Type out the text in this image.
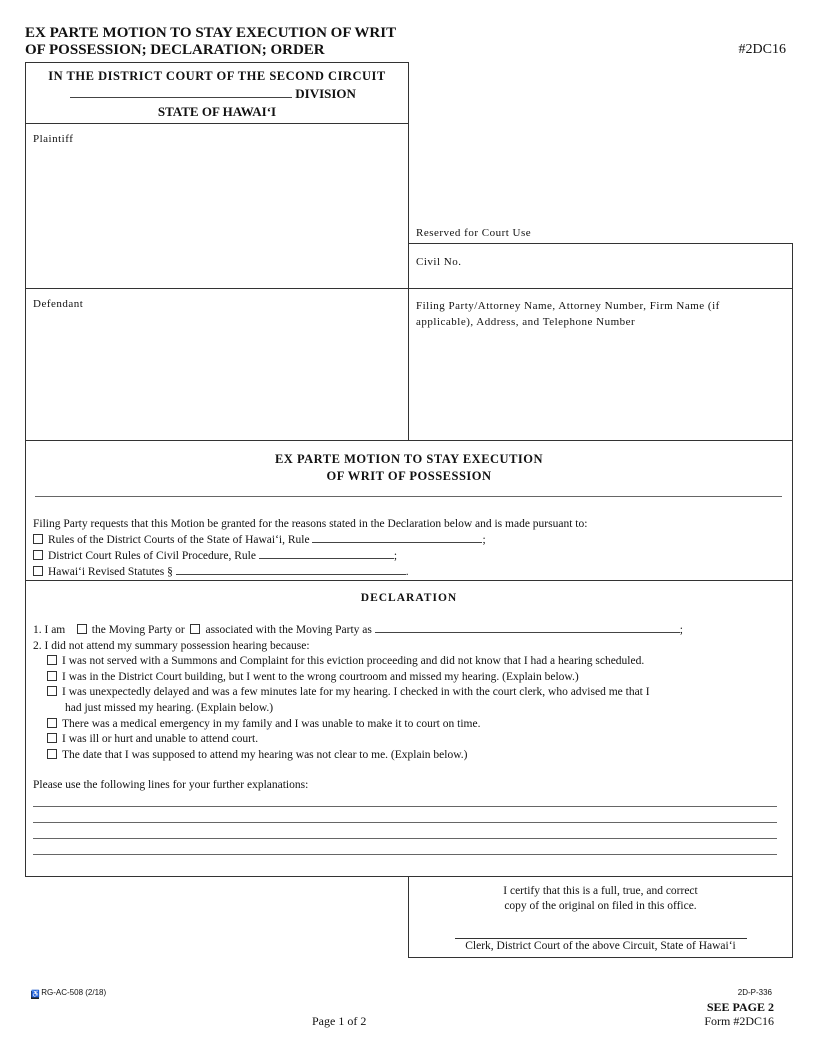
EX PARTE MOTION TO STAY EXECUTION OF WRIT
OF POSSESSION; DECLARATION; ORDER	#2DC16
IN THE DISTRICT COURT OF THE SECOND CIRCUIT
DIVISION
STATE OF HAWAI‘I
Plaintiff
Defendant
Reserved for Court Use
Civil No.
Filing Party/Attorney Name, Attorney Number, Firm Name (if applicable), Address, and Telephone Number
EX PARTE MOTION TO STAY EXECUTION
OF WRIT OF POSSESSION
Filing Party requests that this Motion be granted for the reasons stated in the Declaration below and is made pursuant to:
Rules of the District Courts of the State of Hawai‘i, Rule	;
District Court Rules of Civil Procedure, Rule	;
Hawai‘i Revised Statutes §	.
DECLARATION
1. I am the Moving Party or associated with the Moving Party as	;
2. I did not attend my summary possession hearing because:
I was not served with a Summons and Complaint for this eviction proceeding and did not know that I had a hearing scheduled.
I was in the District Court building, but I went to the wrong courtroom and missed my hearing. (Explain below.)
I was unexpectedly delayed and was a few minutes late for my hearing. I checked in with the court clerk, who advised me that I
had just missed my hearing. (Explain below.)
There was a medical emergency in my family and I was unable to make it to court on time.
I was ill or hurt and unable to attend court.
The date that I was supposed to attend my hearing was not clear to me. (Explain below.)
Please use the following lines for your further explanations:
I certify that this is a full, true, and correct
copy of the original on filed in this office.
Clerk, District Court of the above Circuit, State of Hawai‘i
♿ RG-AC-508 (2/18)	2D-P-336
SEE PAGE 2
Page 1 of 2	Form #2DC16
